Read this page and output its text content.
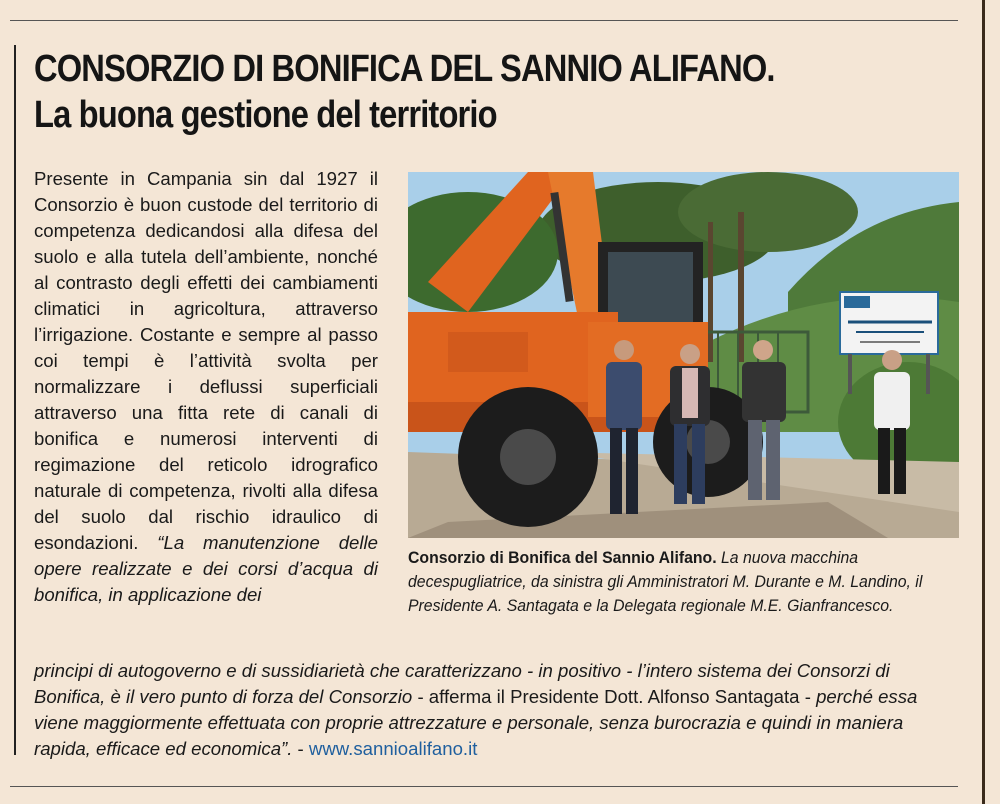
CONSORZIO DI BONIFICA DEL SANNIO ALIFANO.
La buona gestione del territorio

Presente in Campania sin dal 1927 il Consorzio è buon custode del territorio di competenza dedicandosi alla difesa del suolo e alla tutela dell’ambiente, nonché al contrasto degli effetti dei cambiamenti climatici in agricoltura, attraverso l’irrigazione. Costante e sempre al passo coi tempi è l’attività svolta per normalizzare i deflussi superficiali attraverso una fitta rete di canali di bonifica e numerosi interventi di regimazione del reticolo idrografico naturale di competenza, rivolti alla difesa del suolo dal rischio idraulico di esondazioni. “La manutenzione delle opere realizzate e dei corsi d’acqua di bonifica, in applicazione dei

Consorzio di Bonifica del Sannio Alifano. La nuova macchina decespugliatrice, da sinistra gli Amministratori M. Durante e M. Landino, il Presidente A. Santagata e la Delegata regionale M.E. Gianfrancesco.

principi di autogoverno e di sussidiarietà che caratterizzano - in positivo - l’intero sistema dei Consorzi di Bonifica, è il vero punto di forza del Consorzio - afferma il Presidente Dott. Alfonso Santagata - perché essa viene maggiormente effettuata con proprie attrezzature e personale, senza burocrazia e quindi in maniera rapida, efficace ed economica”. - www.sannioalifano.it
